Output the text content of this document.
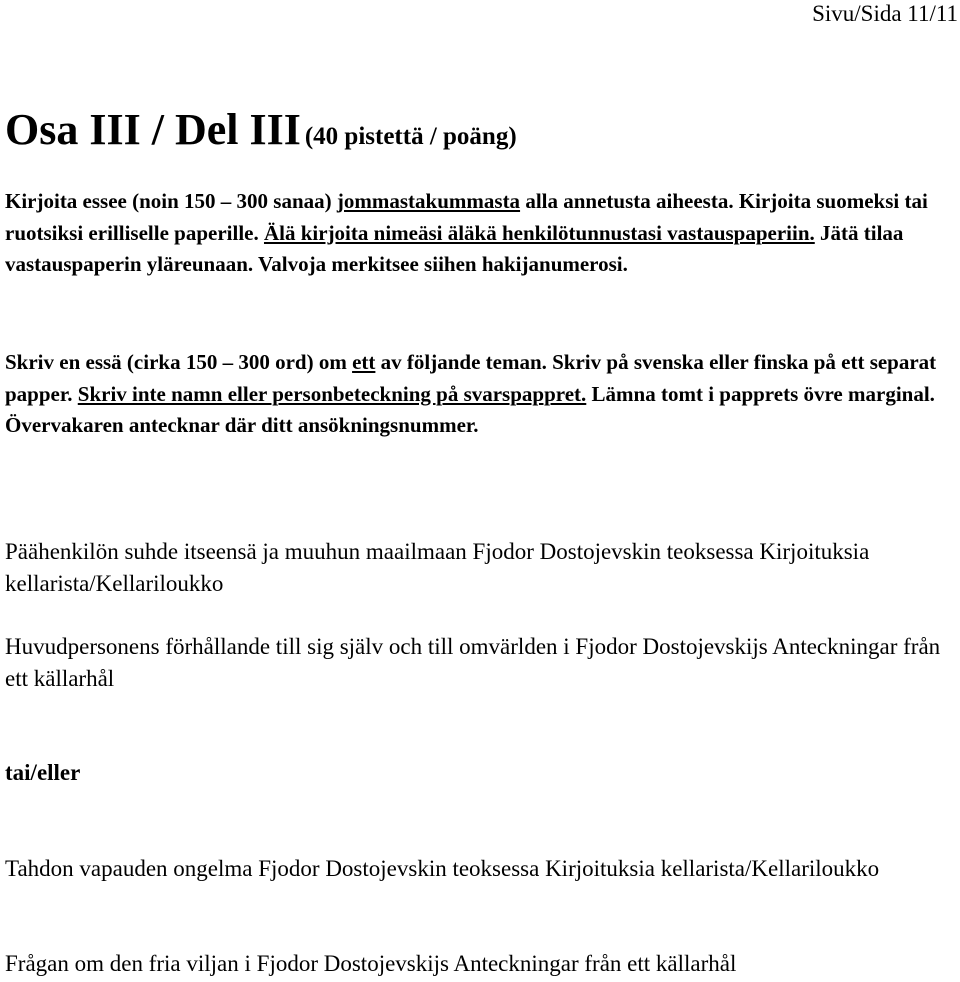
Sivu/Sida 11/11
Osa III / Del III (40 pistettä / poäng)
Kirjoita essee (noin 150 – 300 sanaa) jommastakummasta alla annetusta aiheesta. Kirjoita suomeksi tai ruotsiksi erilliselle paperille. Älä kirjoita nimeäsi äläkä henkilötunnustasi vastauspaperiin. Jätä tilaa vastauspaperin yläreunaan. Valvoja merkitsee siihen hakijanumerosi.
Skriv en essä (cirka 150 – 300 ord) om ett av följande teman. Skriv på svenska eller finska på ett separat papper. Skriv inte namn eller personbeteckning på svarspappret. Lämna tomt i papprets övre marginal. Övervakaren antecknar där ditt ansökningsnummer.
Päähenkilön suhde itseensä ja muuhun maailmaan Fjodor Dostojevskin teoksessa Kirjoituksia kellarista/Kellariloukko
Huvudpersonens förhållande till sig själv och till omvärlden i Fjodor Dostojevskijs Anteckningar från ett källarhål
tai/eller
Tahdon vapauden ongelma Fjodor Dostojevskin teoksessa Kirjoituksia kellarista/Kellariloukko
Frågan om den fria viljan i Fjodor Dostojevskijs Anteckningar från ett källarhål
